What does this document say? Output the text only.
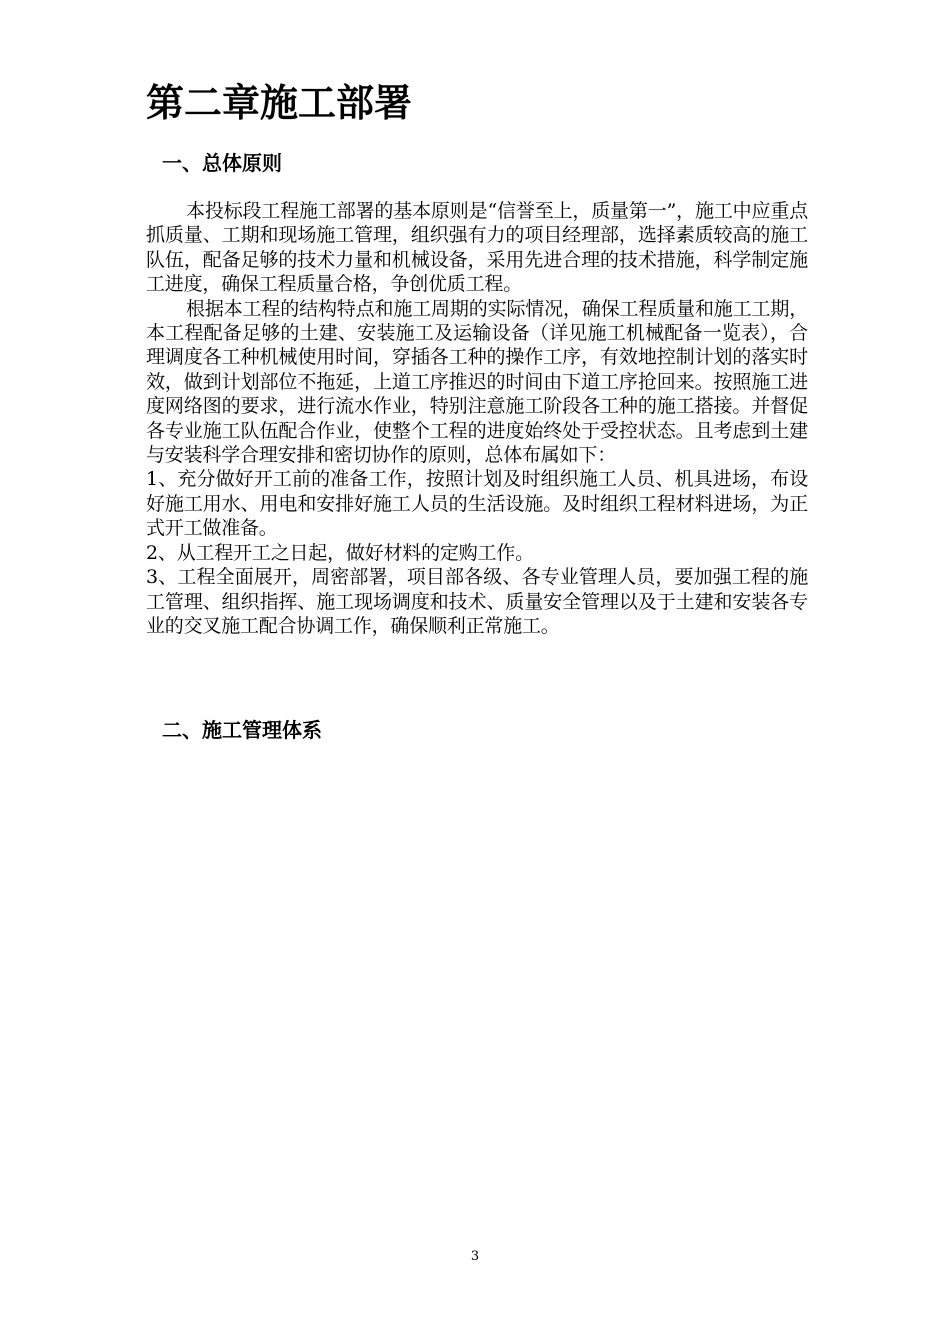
第二章施工部署
一、总体原则

本投标段工程施工部署的基本原则是“信誉至上，质量第一”，施工中应重点抓质量、工期和现场施工管理，组织强有力的项目经理部，选择素质较高的施工队伍，配备足够的技术力量和机械设备，采用先进合理的技术措施，科学制定施工进度，确保工程质量合格，争创优质工程。

根据本工程的结构特点和施工周期的实际情况，确保工程质量和施工工期，本工程配备足够的土建、安装施工及运输设备（详见施工机械配备一览表），合理调度各工种机械使用时间，穿插各工种的操作工序，有效地控制计划的落实时效，做到计划部位不拖延，上道工序推迟的时间由下道工序抢回来。按照施工进度网络图的要求，进行流水作业，特别注意施工阶段各工种的施工搭接。并督促各专业施工队伍配合作业，使整个工程的进度始终处于受控状态。且考虑到土建与安装科学合理安排和密切协作的原则，总体布属如下：

1、充分做好开工前的准备工作，按照计划及时组织施工人员、机具进场，布设好施工用水、用电和安排好施工人员的生活设施。及时组织工程材料进场，为正式开工做准备。

2、从工程开工之日起，做好材料的定购工作。

3、工程全面展开，周密部署，项目部各级、各专业管理人员，要加强工程的施工管理、组织指挥、施工现场调度和技术、质量安全管理以及于土建和安装各专业的交叉施工配合协调工作，确保顺利正常施工。

二、施工管理体系
3
